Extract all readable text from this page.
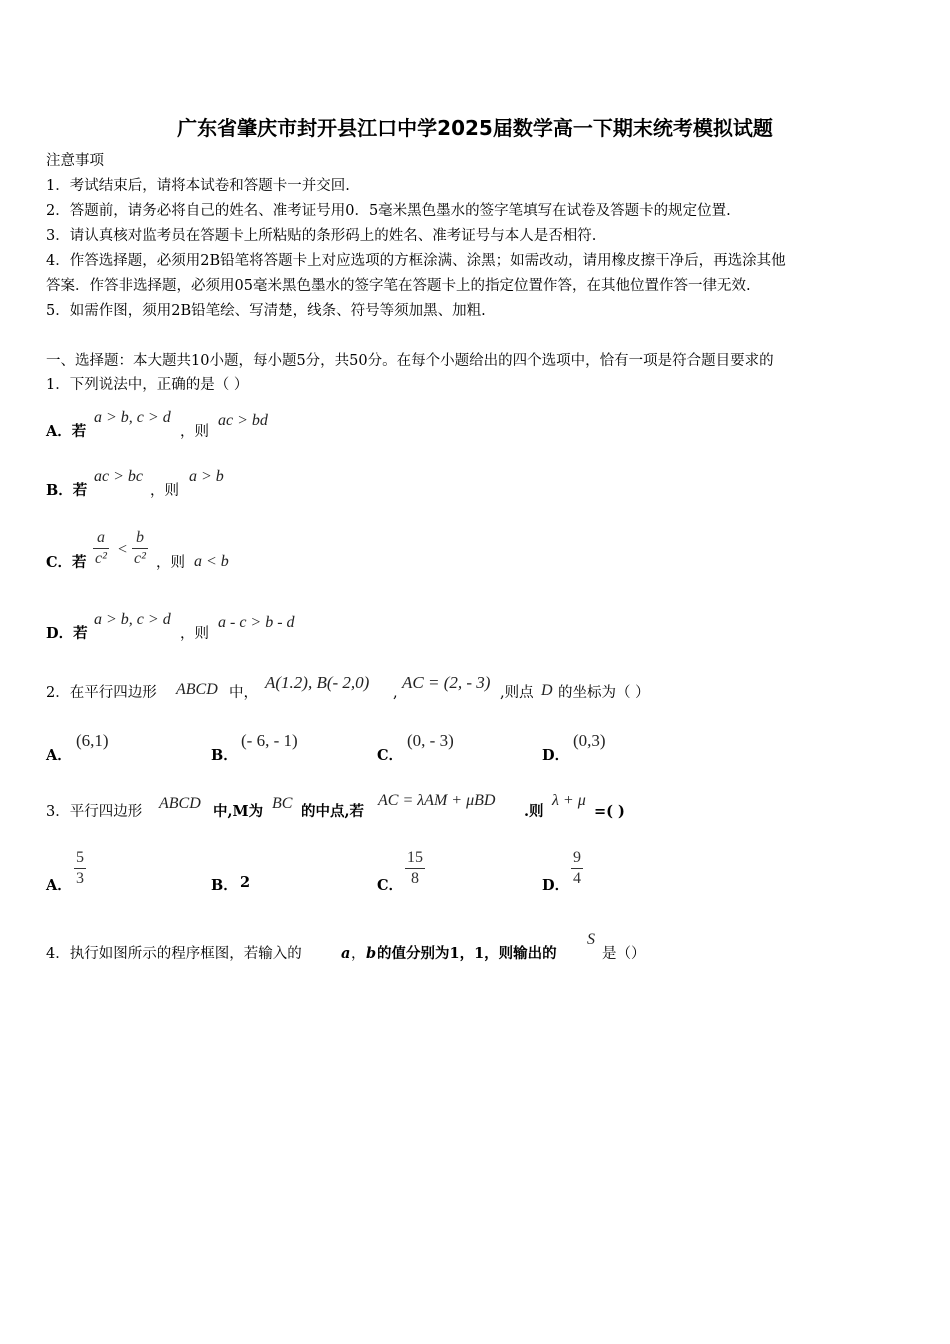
广东省肇庆市封开县江口中学2025届数学高一下期末统考模拟试题
注意事项
1．考试结束后，请将本试卷和答题卡一并交回.
2．答题前，请务必将自己的姓名、准考证号用0．5毫米黑色墨水的签字笔填写在试卷及答题卡的规定位置.
3．请认真核对监考员在答题卡上所粘贴的条形码上的姓名、准考证号与本人是否相符.
4．作答选择题，必须用2B铅笔将答题卡上对应选项的方框涂满、涂黑；如需改动，请用橡皮擦干净后，再选涂其他
答案．作答非选择题，必须用05毫米黑色墨水的签字笔在答题卡上的指定位置作答，在其他位置作答一律无效.
5．如需作图，须用2B铅笔绘、写清楚，线条、符号等须加黑、加粗.
一、选择题：本大题共10小题，每小题5分，共50分。在每个小题给出的四个选项中，恰有一项是符合题目要求的
1．下列说法中，正确的是（ ）
A．若
a > b, c > d
，则
ac > bd
B．若
ac > bc
，则
a > b
C．若 $\frac{a}{\text{c²}} < \frac{b}{\text{c²}}$ ，则 a < b
D．若
a > b, c > d
，则
a - c > b - d
2．在平行四边形 ABCD 中，
A(1.2), B(- 2,0)
,
AC = (2, - 3)
,则点 D 的坐标为（ ）
A．
(6,1)
B．
(- 6, - 1)
C．
(0, - 3)
D．
(0,3)
3．平行四边形 ABCD 中,M为 BC 的中点,若
AC = λAM + μBD
.则
λ + μ
=( )
A． $\frac{5}{3}$	B． 2	C． $\frac{15}{8}$	D． $\frac{9}{4}$
4．执行如图所示的程序框图，若输入的	a ， b 的值分别为1，1，则输出的
S
是（）
